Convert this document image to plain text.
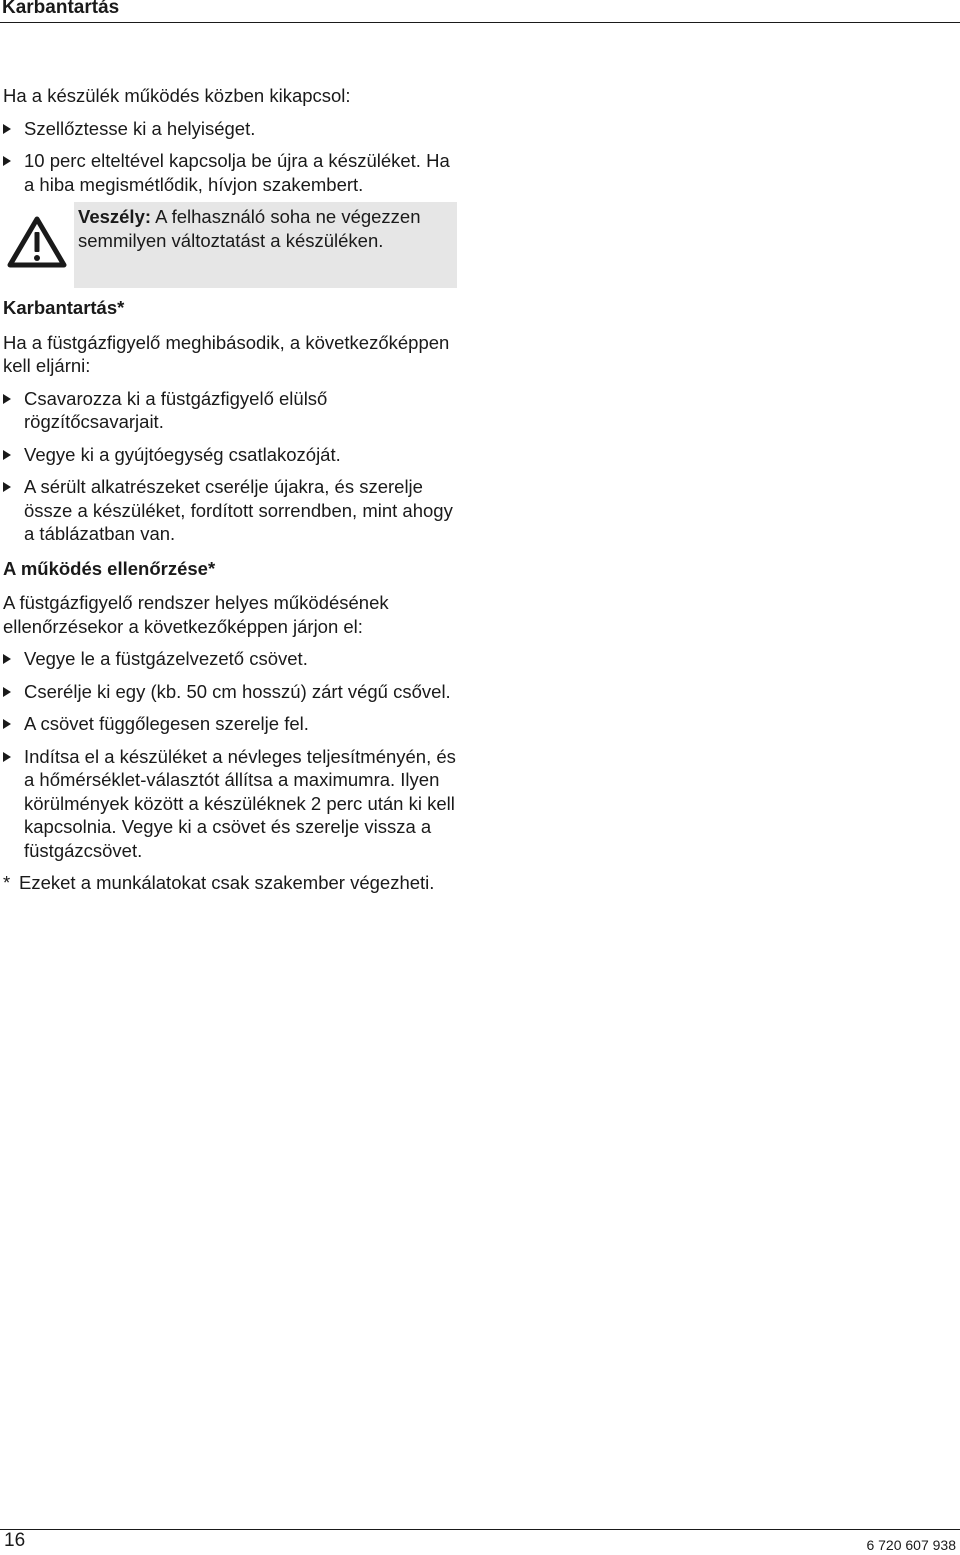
Karbantartás

Ha a készülék működés közben kikapcsol:

Szellőztesse ki a helyiséget.

10 perc elteltével kapcsolja be újra a készüléket. Ha a hiba megismétlődik, hívjon szakembert.

Veszély: A felhasználó soha ne végezzen semmilyen változtatást a készüléken.

Karbantartás*

Ha a füstgázfigyelő meghibásodik, a következőképpen kell eljárni:

Csavarozza ki a füstgázfigyelő elülső rögzítőcsavarjait.

Vegye ki a gyújtóegység csatlakozóját.

A sérült alkatrészeket cserélje újakra, és szerelje össze a készüléket, fordított sorrendben, mint ahogy a táblázatban van.

A működés ellenőrzése*

A füstgázfigyelő rendszer helyes működésének ellenőrzésekor a következőképpen járjon el:

Vegye le a füstgázelvezető csövet.

Cserélje ki egy (kb. 50 cm hosszú) zárt végű csővel.

A csövet függőlegesen szerelje fel.

Indítsa el a készüléket a névleges teljesítményén, és a hőmérséklet-választót állítsa a maximumra. Ilyen körülmények között a készüléknek 2 perc után ki kell kapcsolnia. Vegye ki a csövet és szerelje vissza a füstgázcsövet.

* Ezeket a munkálatokat csak szakember végezheti.

16	6 720 607 938
